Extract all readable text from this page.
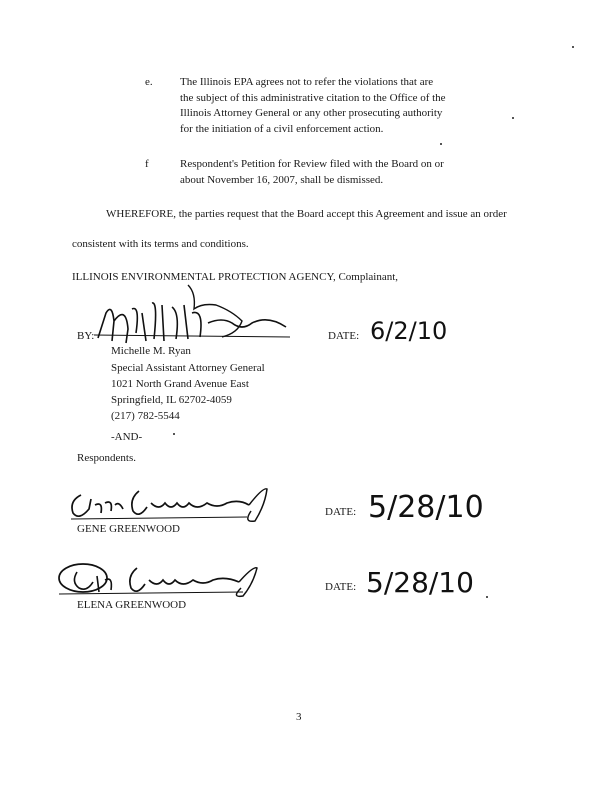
e. The Illinois EPA agrees not to refer the violations that are
the subject of this administrative citation to the Office of the
Illinois Attorney General or any other prosecuting authority
for the initiation of a civil enforcement action.
f	Respondent's Petition for Review filed with the Board on or
about November 16, 2007, shall be dismissed.
WHEREFORE, the parties request that the Board accept this Agreement and issue an order
consistent with its terms and conditions.
ILLINOIS ENVIRONMENTAL PROTECTION AGENCY, Complainant,
BY:	DATE: 6/2/10
Michelle M. Ryan
Special Assistant Attorney General
1021 North Grand Avenue East
Springfield, IL 62702-4059
(217) 782-5544
-AND-
Respondents.
GENE GREENWOOD
DATE: 5/28/10
ELENA GREENWOOD
DATE: 5/28/10
3
